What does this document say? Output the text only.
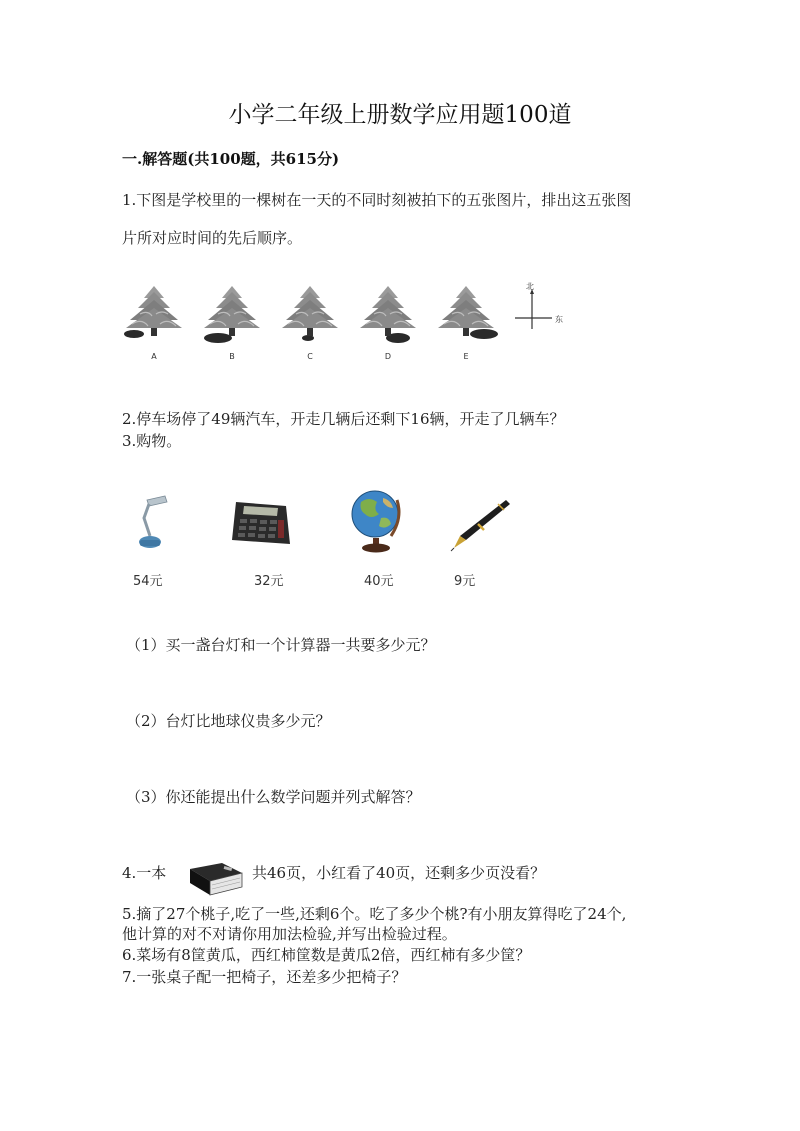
小学二年级上册数学应用题100道
一.解答题(共100题，共615分)
1.下图是学校里的一棵树在一天的不同时刻被拍下的五张图片，排出这五张图
片所对应时间的先后顺序。
A	B	C	D	E
北
东
2.停车场停了49辆汽车，开走几辆后还剩下16辆，开走了几辆车？
3.购物。
54元	32元	40元	9元
（1）买一盏台灯和一个计算器一共要多少元？
（2）台灯比地球仪贵多少元？
（3）你还能提出什么数学问题并列式解答？
4.一本	共46页，小红看了40页，还剩多少页没看？
5.摘了27个桃子,吃了一些,还剩6个。吃了多少个桃?有小朋友算得吃了24个,
他计算的对不对请你用加法检验,并写出检验过程。
6.菜场有8筐黄瓜，西红柿筐数是黄瓜2倍，西红柿有多少筐？
7.一张桌子配一把椅子，还差多少把椅子？
